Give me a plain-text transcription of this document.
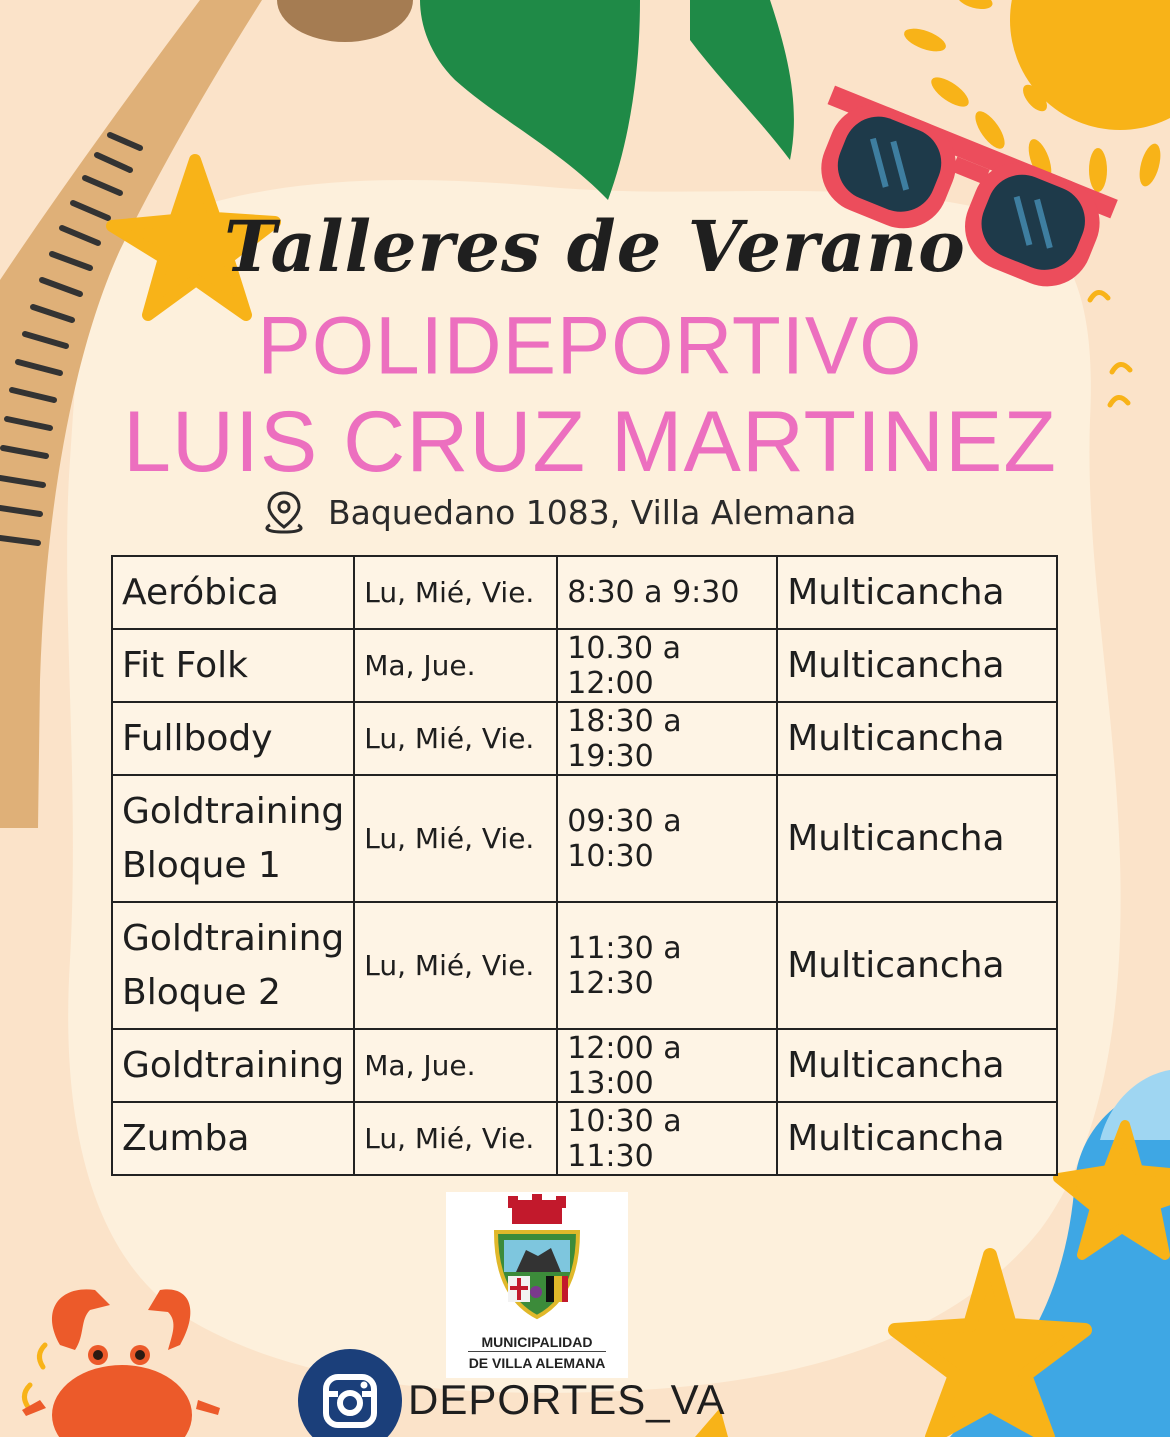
Talleres de Verano
POLIDEPORTIVO
LUIS CRUZ MARTINEZ
Baquedano 1083, Villa Alemana
Aeróbica	Lu, Mié, Vie.	8:30 a 9:30	Multicancha

Fit Folk	Ma, Jue.	10.30 a 12:00	Multicancha

Fullbody	Lu, Mié, Vie.	18:30 a 19:30	Multicancha

Goldtraining
Bloque 1	Lu, Mié, Vie.	09:30 a 10:30	Multicancha

Goldtraining
Bloque 2	Lu, Mié, Vie.	11:30 a 12:30	Multicancha

Goldtraining	Ma, Jue.	12:00 a 13:00	Multicancha

Zumba	Lu, Mié, Vie.	10:30 a 11:30	Multicancha
MUNICIPALIDAD
DE VILLA ALEMANA
DEPORTES_VA
